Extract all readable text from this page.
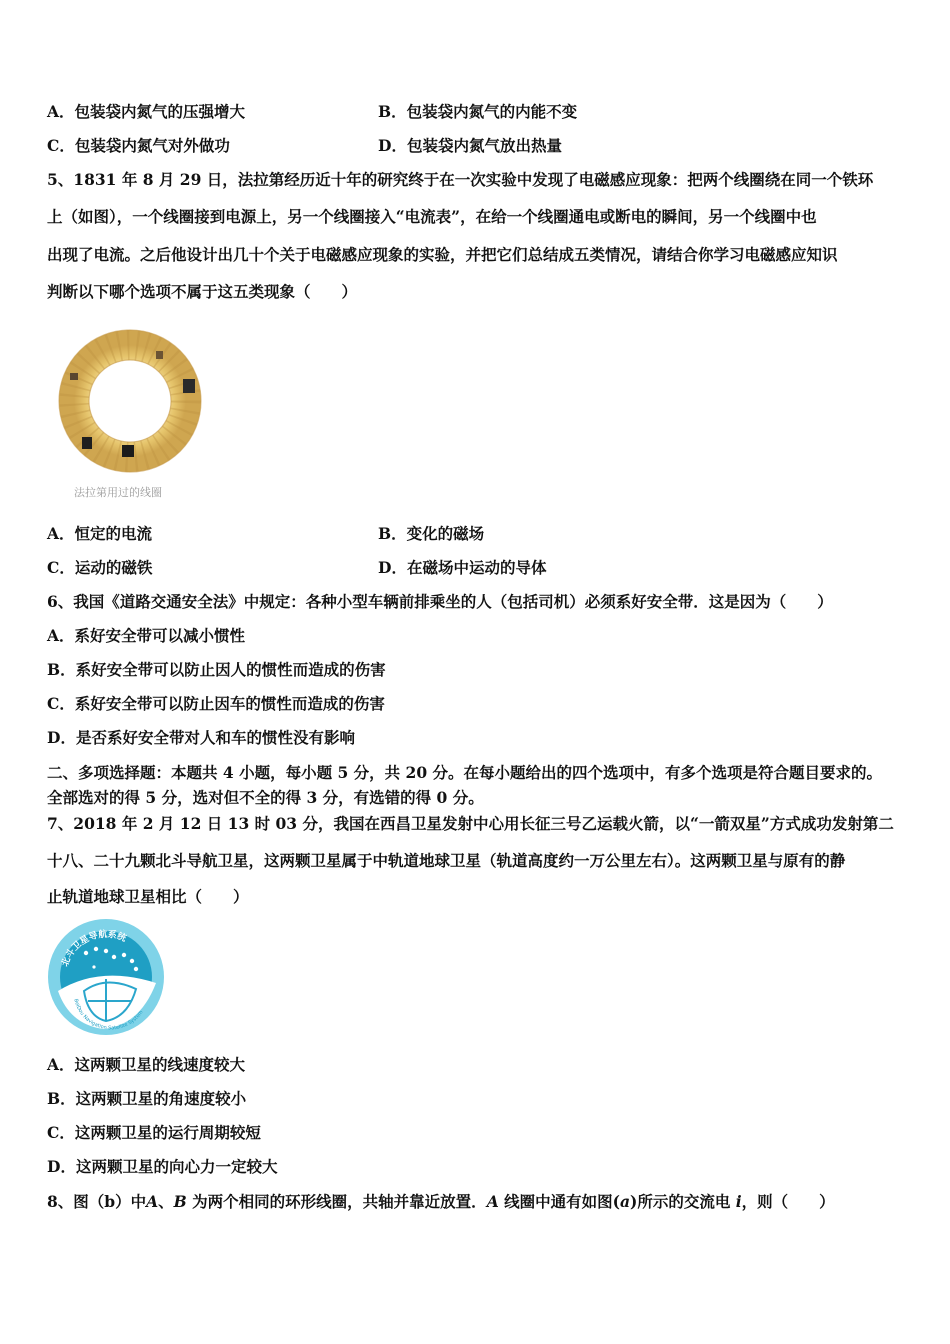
A．包装袋内氮气的压强增大	B．包装袋内氮气的内能不变
C．包装袋内氮气对外做功	D．包装袋内氮气放出热量
5、1831 年 8 月 29 日，法拉第经历近十年的研究终于在一次实验中发现了电磁感应现象：把两个线圈绕在同一个铁环
上（如图），一个线圈接到电源上，另一个线圈接入“电流表”，在给一个线圈通电或断电的瞬间，另一个线圈中也
出现了电流。之后他设计出几十个关于电磁感应现象的实验，并把它们总结成五类情况，请结合你学习电磁感应知识
判断以下哪个选项不属于这五类现象（　　）
法拉第用过的线圈
A．恒定的电流	B．变化的磁场
C．运动的磁铁	D．在磁场中运动的导体
6、我国《道路交通安全法》中规定：各种小型车辆前排乘坐的人（包括司机）必须系好安全带．这是因为（　　）
A．系好安全带可以减小惯性
B．系好安全带可以防止因人的惯性而造成的伤害
C．系好安全带可以防止因车的惯性而造成的伤害
D．是否系好安全带对人和车的惯性没有影响
二、多项选择题：本题共 4 小题，每小题 5 分，共 20 分。在每小题给出的四个选项中，有多个选项是符合题目要求的。
全部选对的得 5 分，选对但不全的得 3 分，有选错的得 0 分。
7、2018 年 2 月 12 日 13 时 03 分，我国在西昌卫星发射中心用长征三号乙运载火箭，以“一箭双星”方式成功发射第二
十八、二十九颗北斗导航卫星，这两颗卫星属于中轨道地球卫星（轨道高度约一万公里左右）。这两颗卫星与原有的静
止轨道地球卫星相比（　　）
北斗卫星导航系统
BeiDou Navigation Satellite System
A．这两颗卫星的线速度较大
B．这两颗卫星的角速度较小
C．这两颗卫星的运行周期较短
D．这两颗卫星的向心力一定较大
8、图（b）中A、B 为两个相同的环形线圈，共轴并靠近放置．A 线圈中通有如图(a)所示的交流电 i，则（　　）
